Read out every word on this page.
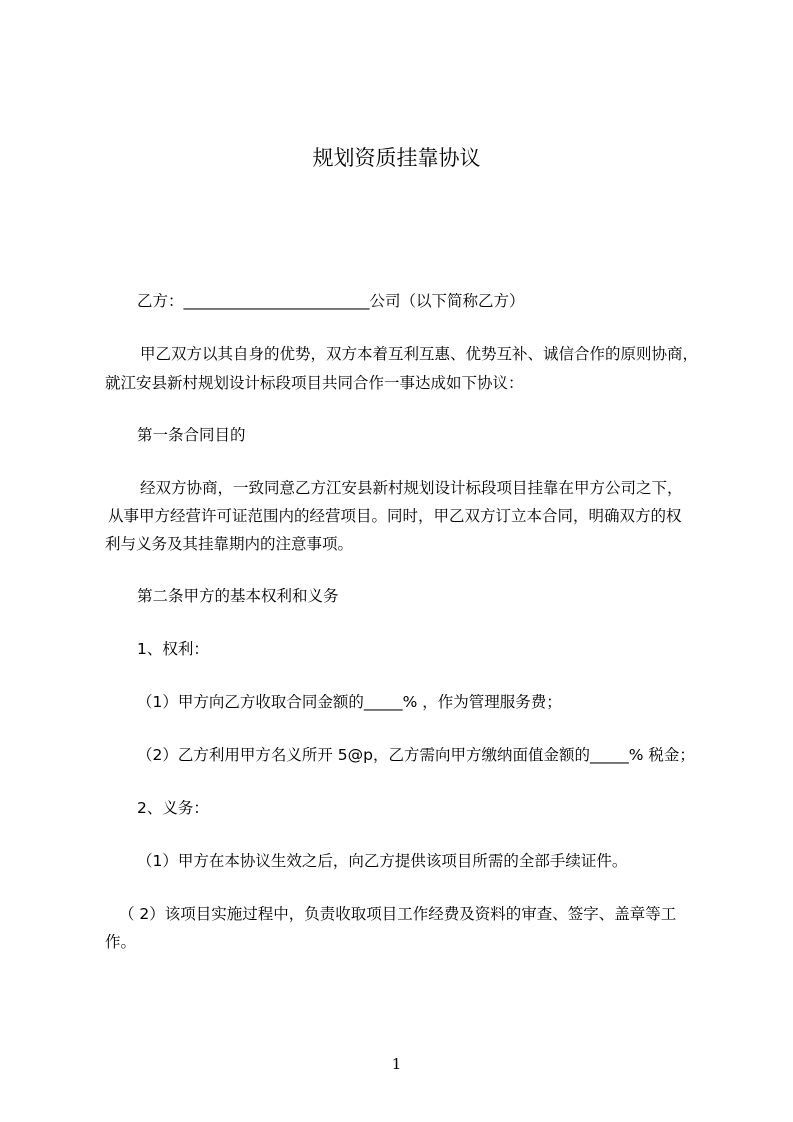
规划资质挂靠协议
乙方：________________________公司（以下简称乙方）
甲乙双方以其自身的优势，双方本着互利互惠、优势互补、诚信合作的原则协商，
就江安县新村规划设计标段项目共同合作一事达成如下协议：
第一条合同目的
经双方协商，一致同意乙方江安县新村规划设计标段项目挂靠在甲方公司之下，
从事甲方经营许可证范围内的经营项目。同时，甲乙双方订立本合同，明确双方的权
利与义务及其挂靠期内的注意事项。
第二条甲方的基本权利和义务
1、权利：
（1）甲方向乙方收取合同金额的_____% ，作为管理服务费；
（2）乙方利用甲方名义所开 5@p，乙方需向甲方缴纳面值金额的_____% 税金；
2、义务：
（1）甲方在本协议生效之后，向乙方提供该项目所需的全部手续证件。
（ 2）该项目实施过程中，负责收取项目工作经费及资料的审查、签字、盖章等工
作。
1
